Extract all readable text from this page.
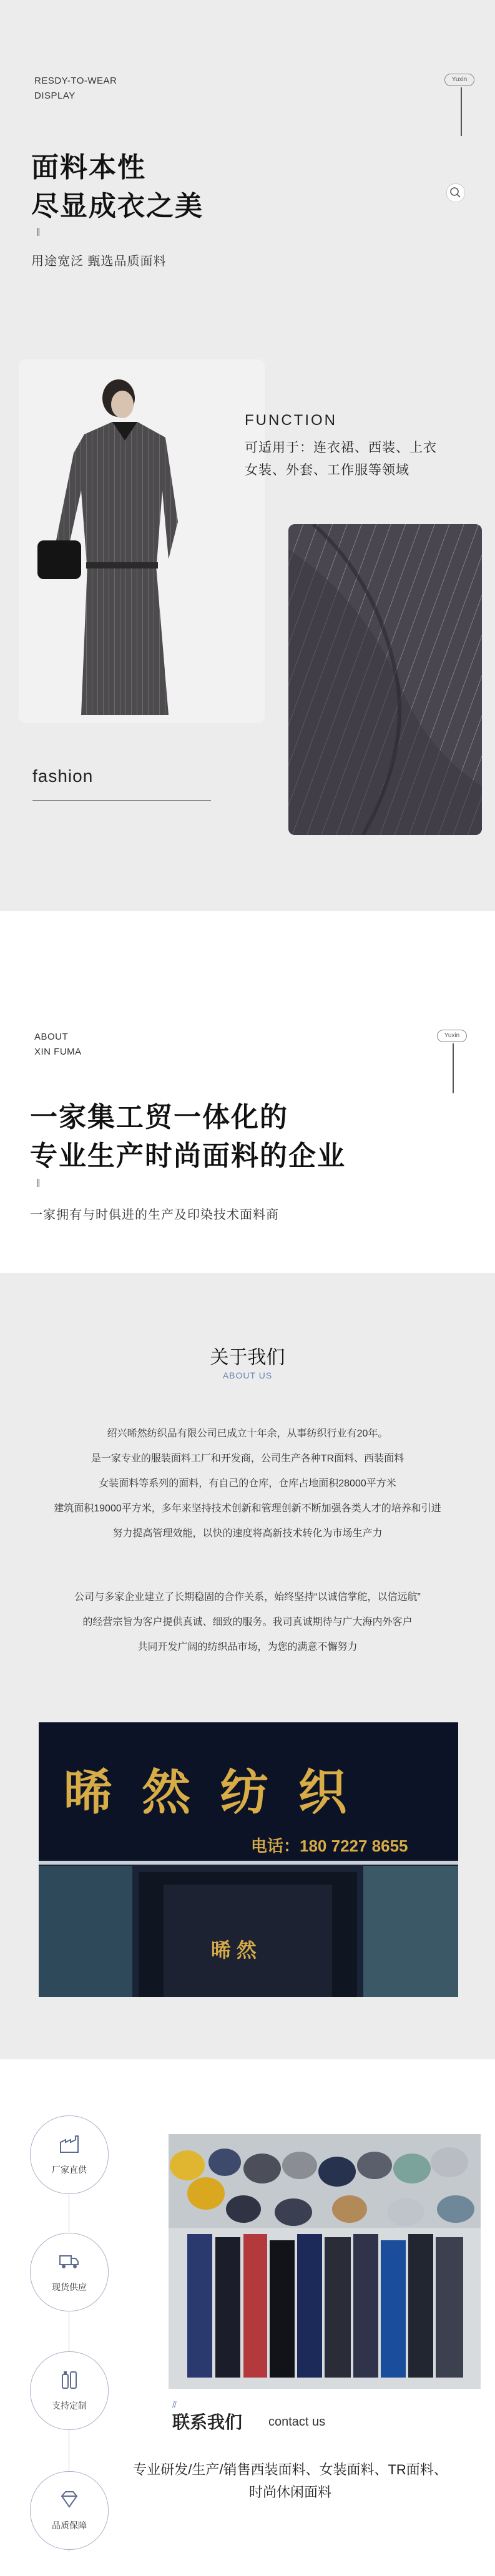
RESDY-TO-WEAR
DISPLAY
Yuxin
面料本性
尽显成衣之美
||
用途宽泛 甄选品质面料
FUNCTION
可适用于：连衣裙、西装、上衣
女装、外套、工作服等领域
fashion
ABOUT
XIN FUMA
Yuxin
一家集工贸一体化的
专业生产时尚面料的企业
||
一家拥有与时俱进的生产及印染技术面料商
关于我们
ABOUT US
绍兴晞然纺织品有限公司已成立十年余，从事纺织行业有20年。
是一家专业的服装面料工厂和开发商，公司生产各种TR面料、西装面料
女装面料等系列的面料，有自己的仓库，仓库占地面积28000平方米
建筑面积19000平方米，多年来坚持技术创新和管理创新不断加强各类人才的培养和引进
努力提高管理效能，以快的速度将高新技术转化为市场生产力
公司与多家企业建立了长期稳固的合作关系，始终坚持“以诚信掌舵，以信远航”
的经营宗旨为客户提供真诚、细致的服务。我司真诚期待与广大海内外客户
共同开发广阔的纺织品市场，为您的满意不懈努力
晞 然 纺 织
电话：180 7227 8655
晞 然
厂家直供
现货供应
支持定制
品质保障
//
联系我们 contact us
专业研发/生产/销售西装面料、女装面料、TR面料、
时尚休闲面料
